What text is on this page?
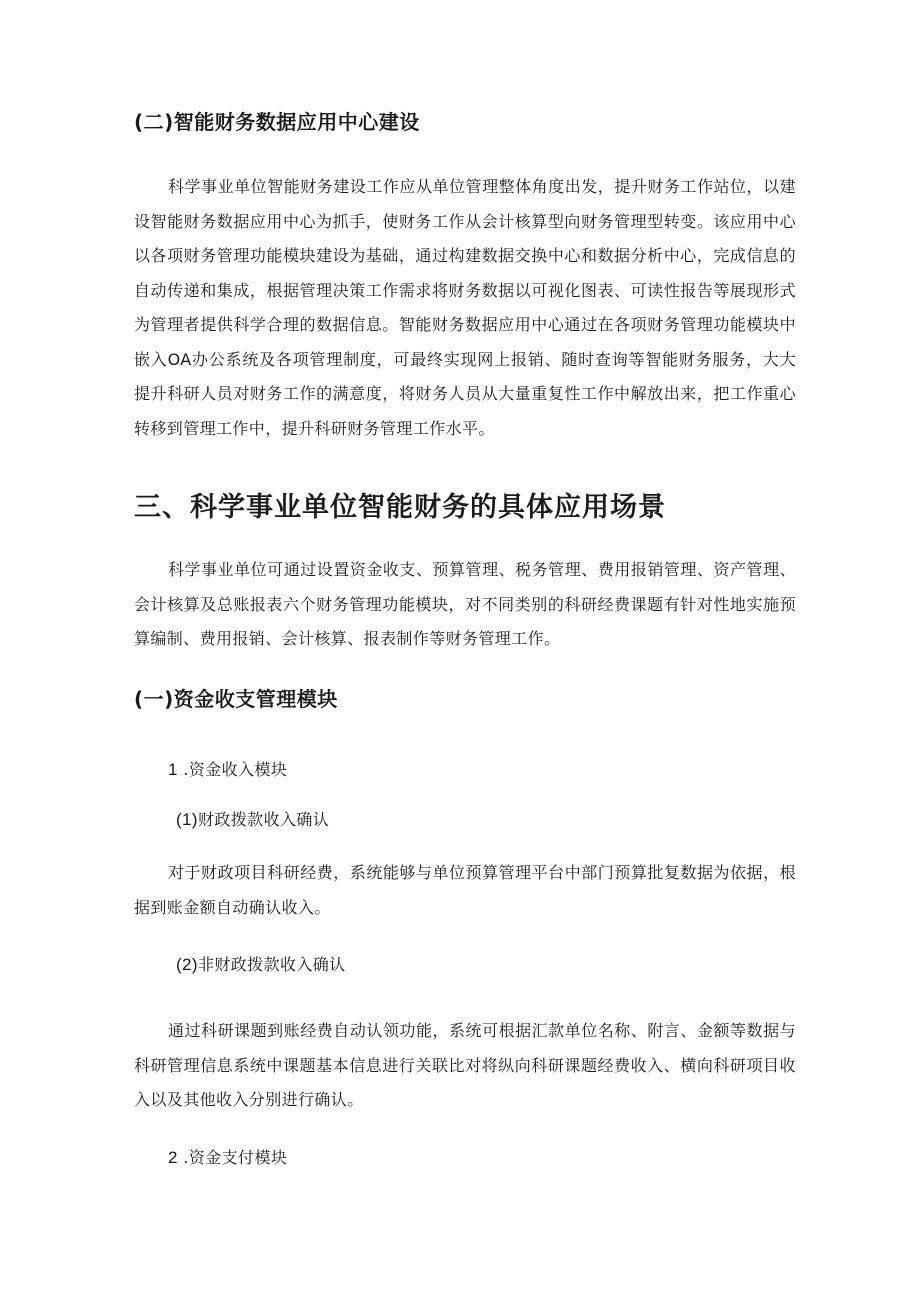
(二)智能财务数据应用中心建设

科学事业单位智能财务建设工作应从单位管理整体角度出发，提升财务工作站位，以建设智能财务数据应用中心为抓手，使财务工作从会计核算型向财务管理型转变。该应用中心以各项财务管理功能模块建设为基础，通过构建数据交换中心和数据分析中心，完成信息的自动传递和集成，根据管理决策工作需求将财务数据以可视化图表、可读性报告等展现形式为管理者提供科学合理的数据信息。智能财务数据应用中心通过在各项财务管理功能模块中嵌入OA办公系统及各项管理制度，可最终实现网上报销、随时查询等智能财务服务，大大提升科研人员对财务工作的满意度，将财务人员从大量重复性工作中解放出来，把工作重心转移到管理工作中，提升科研财务管理工作水平。

三、科学事业单位智能财务的具体应用场景

科学事业单位可通过设置资金收支、预算管理、税务管理、费用报销管理、资产管理、会计核算及总账报表六个财务管理功能模块，对不同类别的科研经费课题有针对性地实施预算编制、费用报销、会计核算、报表制作等财务管理工作。

(一)资金收支管理模块
1 .资金收入模块
(1)财政拨款收入确认

对于财政项目科研经费，系统能够与单位预算管理平台中部门预算批复数据为依据，根据到账金额自动确认收入。

(2)非财政拨款收入确认

通过科研课题到账经费自动认领功能，系统可根据汇款单位名称、附言、金额等数据与科研管理信息系统中课题基本信息进行关联比对将纵向科研课题经费收入、横向科研项目收入以及其他收入分别进行确认。

2 .资金支付模块
